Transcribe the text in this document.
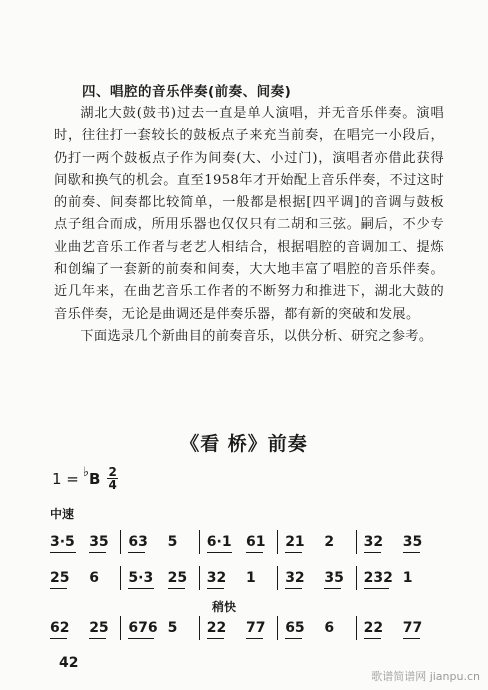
四、唱腔的音乐伴奏(前奏、间奏)

湖北大鼓(鼓书)过去一直是单人演唱，并无音乐伴奏。演唱时，往往打一套较长的鼓板点子来充当前奏，在唱完一小段后，仍打一两个鼓板点子作为间奏(大、小过门)，演唱者亦借此获得间歇和换气的机会。直至1958年才开始配上音乐伴奏，不过这时的前奏、间奏都比较简单，一般都是根据[四平调]的音调与鼓板点子组合而成，所用乐器也仅仅只有二胡和三弦。嗣后，不少专业曲艺音乐工作者与老艺人相结合，根据唱腔的音调加工、提炼和创编了一套新的前奏和间奏，大大地丰富了唱腔的音乐伴奏。近几年来，在曲艺音乐工作者的不断努力和推进下，湖北大鼓的音乐伴奏，无论是曲调还是伴奏乐器，都有新的突破和发展。

下面选录几个新曲目的前奏音乐，以供分析、研究之参考。

《看 桥》前奏
1 = ♭ B $\frac{2}{4}$
中速
3·5 35 63 5 6·1 61 21 2 32 35
25 6 5·3 25 32 1 32 35 232 1
稍快
62 25 676 5 22 77 65 6 22 77
42
歌谱简谱网 jianpu.cn
